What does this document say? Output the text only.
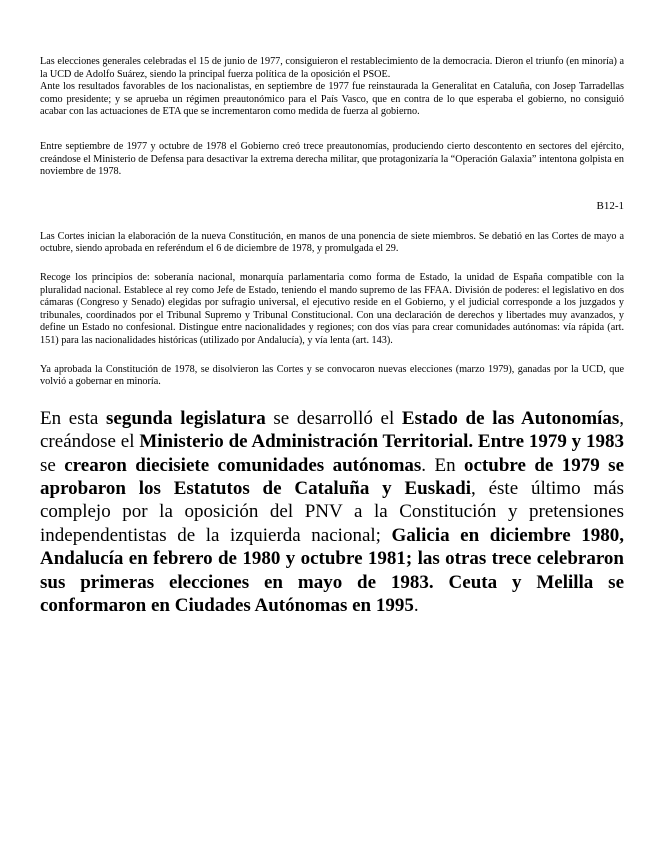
Las elecciones generales celebradas el 15 de junio de 1977, consiguieron el restablecimiento de la democracia. Dieron el triunfo (en minoría) a la UCD de Adolfo Suárez, siendo la principal fuerza política de la oposición el PSOE.

Ante los resultados favorables de los nacionalistas, en septiembre de 1977 fue reinstaurada la Generalitat en Cataluña, con Josep Tarradellas como presidente; y se aprueba un régimen preautonómico para el País Vasco, que en contra de lo que esperaba el gobierno, no consiguió acabar con las actuaciones de ETA que se incrementaron como medida de fuerza al gobierno.

Entre septiembre de 1977 y octubre de 1978 el Gobierno creó trece preautonomías, produciendo cierto descontento en sectores del ejército, creándose el Ministerio de Defensa para desactivar la extrema derecha militar, que protagonizaría la “Operación Galaxia” intentona golpista en noviembre de 1978.

B12-1

Las Cortes inician la elaboración de la nueva Constitución, en manos de una ponencia de siete miembros. Se debatió en las Cortes de mayo a octubre, siendo aprobada en referéndum el 6 de diciembre de 1978, y promulgada el 29.

Recoge los principios de: soberanía nacional, monarquía parlamentaria como forma de Estado, la unidad de España compatible con la pluralidad nacional. Establece al rey como Jefe de Estado, teniendo el mando supremo de las FFAA. División de poderes: el legislativo en dos cámaras (Congreso y Senado) elegidas por sufragio universal, el ejecutivo reside en el Gobierno, y el judicial corresponde a los juzgados y tribunales, coordinados por el Tribunal Supremo y Tribunal Constitucional. Con una declaración de derechos y libertades muy avanzados, y define un Estado no confesional. Distingue entre nacionalidades y regiones; con dos vías para crear comunidades autónomas: vía rápida (art. 151) para las nacionalidades históricas (utilizado por Andalucía), y vía lenta (art. 143).

Ya aprobada la Constitución de 1978, se disolvieron las Cortes y se convocaron nuevas elecciones (marzo 1979), ganadas por la UCD, que volvió a gobernar en minoría.

En esta segunda legislatura se desarrolló el Estado de las Autonomías, creándose el Ministerio de Administración Territorial. Entre 1979 y 1983 se crearon diecisiete comunidades autónomas. En octubre de 1979 se aprobaron los Estatutos de Cataluña y Euskadi, éste último más complejo por la oposición del PNV a la Constitución y pretensiones independentistas de la izquierda nacional; Galicia en diciembre 1980, Andalucía en febrero de 1980 y octubre 1981; las otras trece celebraron sus primeras elecciones en mayo de 1983. Ceuta y Melilla se conformaron en Ciudades Autónomas en 1995.
